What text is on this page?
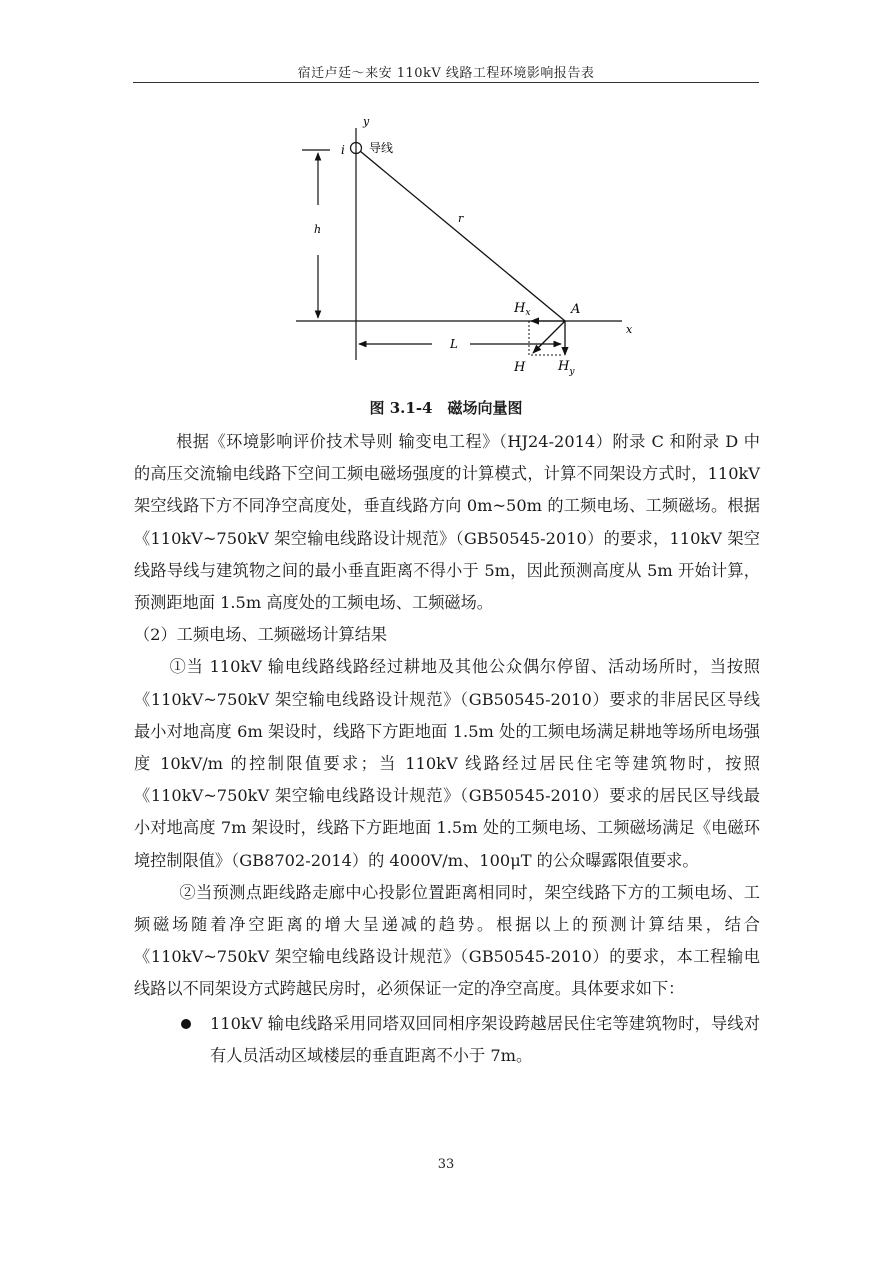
宿迁卢廷～来安 110kV 线路工程环境影响报告表
y
x
i 导线
h
r
L
$H_x$	A
H	$H_y$
图 3.1-4　磁场向量图

根据《环境影响评价技术导则 输变电工程》（HJ24-2014）附录 C 和附录 D 中的高压交流输电线路下空间工频电磁场强度的计算模式，计算不同架设方式时，110kV 架空线路下方不同净空高度处，垂直线路方向 0m~50m 的工频电场、工频磁场。根据《110kV~750kV 架空输电线路设计规范》（GB50545-2010）的要求，110kV 架空线路导线与建筑物之间的最小垂直距离不得小于 5m，因此预测高度从 5m 开始计算，预测距地面 1.5m 高度处的工频电场、工频磁场。

（2）工频电场、工频磁场计算结果

①当 110kV 输电线路线路经过耕地及其他公众偶尔停留、活动场所时，当按照《110kV~750kV 架空输电线路设计规范》（GB50545-2010）要求的非居民区导线最小对地高度 6m 架设时，线路下方距地面 1.5m 处的工频电场满足耕地等场所电场强度 10kV/m 的控制限值要求；当 110kV 线路经过居民住宅等建筑物时，按照《110kV~750kV 架空输电线路设计规范》（GB50545-2010）要求的居民区导线最小对地高度 7m 架设时，线路下方距地面 1.5m 处的工频电场、工频磁场满足《电磁环境控制限值》（GB8702-2014）的 4000V/m、100μT 的公众曝露限值要求。

②当预测点距线路走廊中心投影位置距离相同时，架空线路下方的工频电场、工频磁场随着净空距离的增大呈递减的趋势。根据以上的预测计算结果，结合《110kV~750kV 架空输电线路设计规范》（GB50545-2010）的要求，本工程输电线路以不同架设方式跨越民房时，必须保证一定的净空高度。具体要求如下：

110kV 输电线路采用同塔双回同相序架设跨越居民住宅等建筑物时，导线对有人员活动区域楼层的垂直距离不小于 7m。

33
